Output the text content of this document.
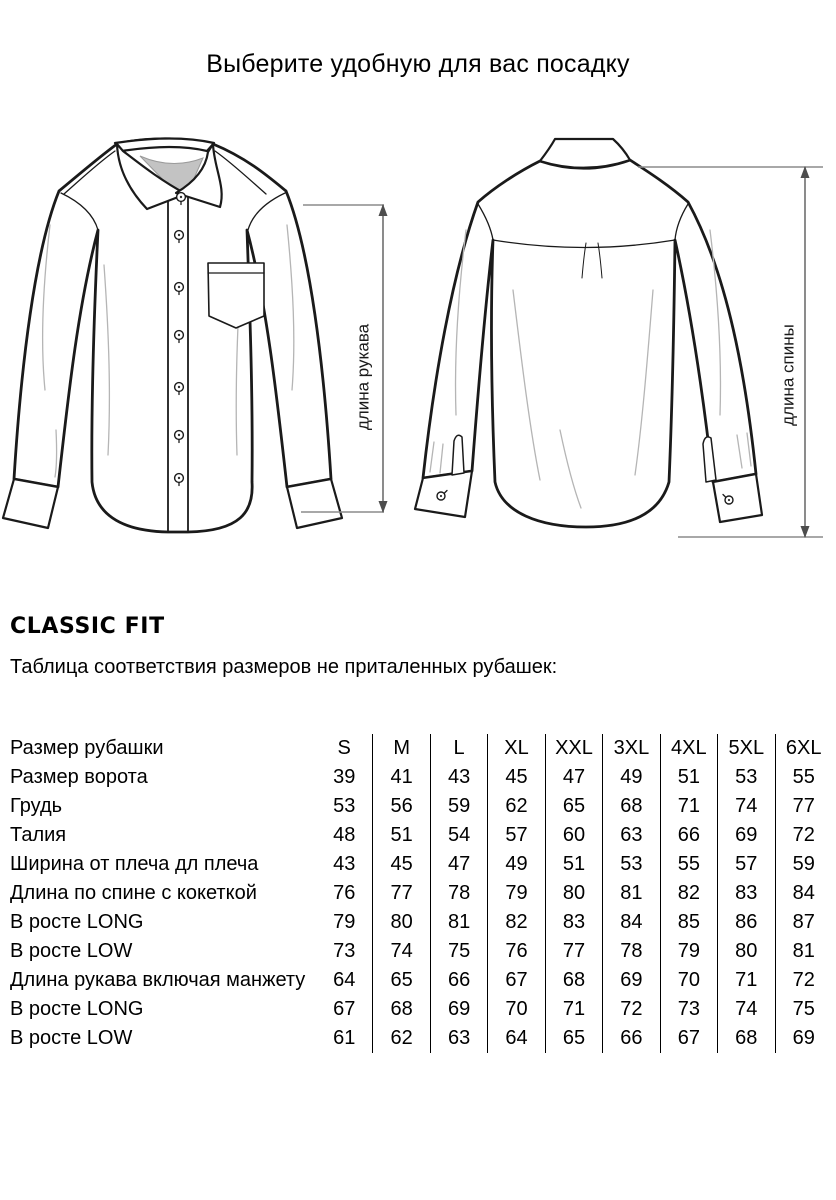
Выберите удобную для вас посадку
длина рукава	длина спины
CLASSIC FIT
Таблица соответствия размеров не приталенных рубашек:
Размер рубашки	S	M	L	XL	XXL	3XL	4XL	5XL	6XL
Размер ворота	39	41	43	45	47	49	51	53	55
Грудь	53	56	59	62	65	68	71	74	77
Талия	48	51	54	57	60	63	66	69	72
Ширина от плеча дл плеча	43	45	47	49	51	53	55	57	59
Длина по спине с кокеткой	76	77	78	79	80	81	82	83	84
В росте LONG	79	80	81	82	83	84	85	86	87
В росте LOW	73	74	75	76	77	78	79	80	81
Длина рукава включая манжету	64	65	66	67	68	69	70	71	72
В росте LONG	67	68	69	70	71	72	73	74	75
В росте LOW	61	62	63	64	65	66	67	68	69
